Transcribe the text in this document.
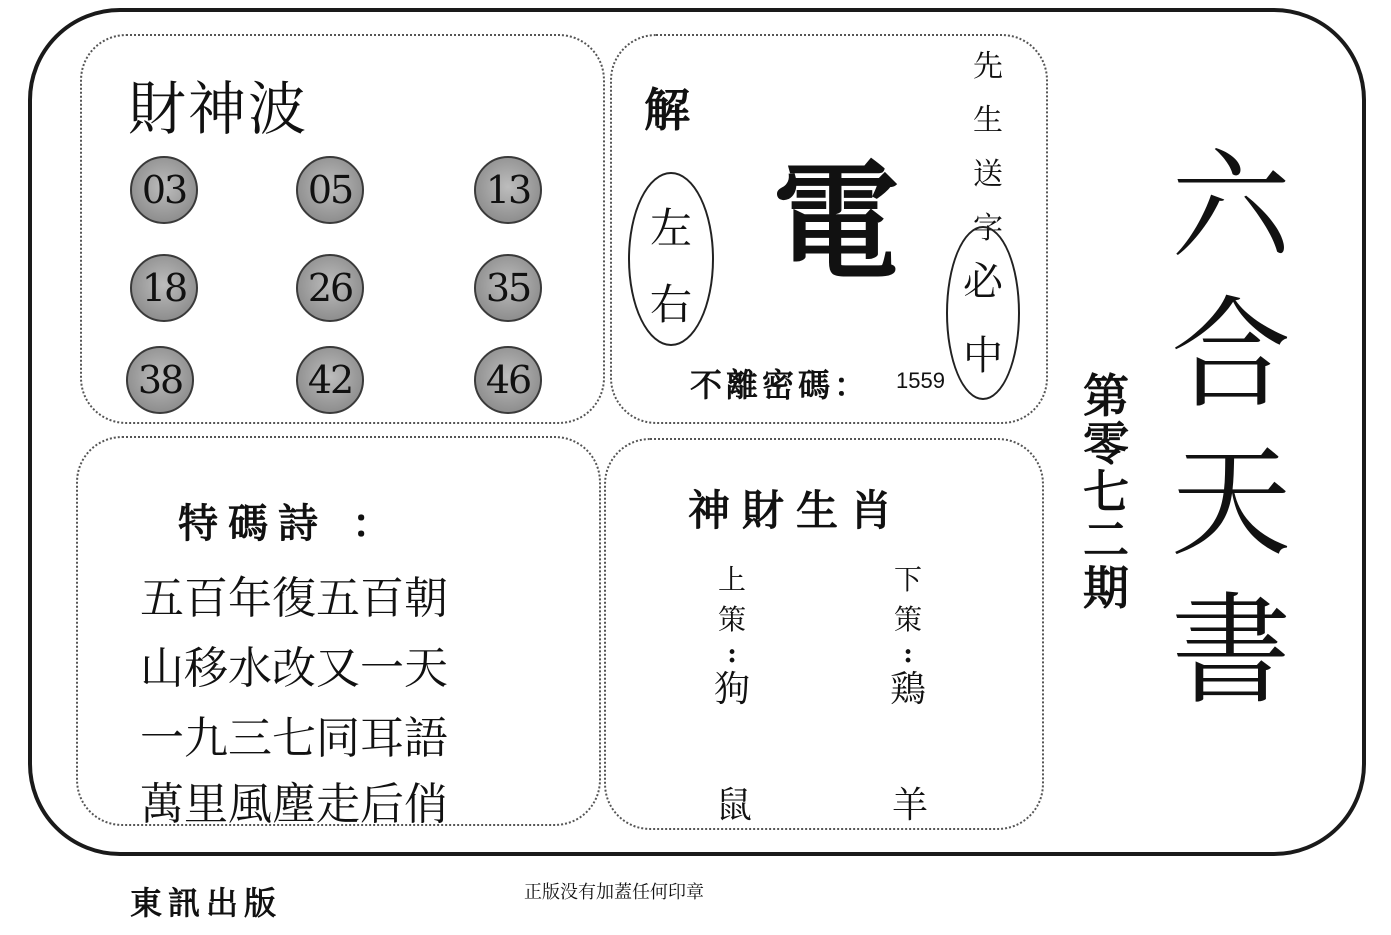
財神波
03	05	13
18	26	35
38	42	46
解
左
右
電
先
生
送
字
必
中
不離密碼： 1559
特碼詩 ：
五百年復五百朝
山移水改又一天
一九三七同耳語
萬里風塵走后俏
神財生肖
上
策
:
狗
鼠
下
策
:
鶏
羊
六
合
天
書
第
零
七
二
期
東訊出版	正版没有加蓋任何印章
